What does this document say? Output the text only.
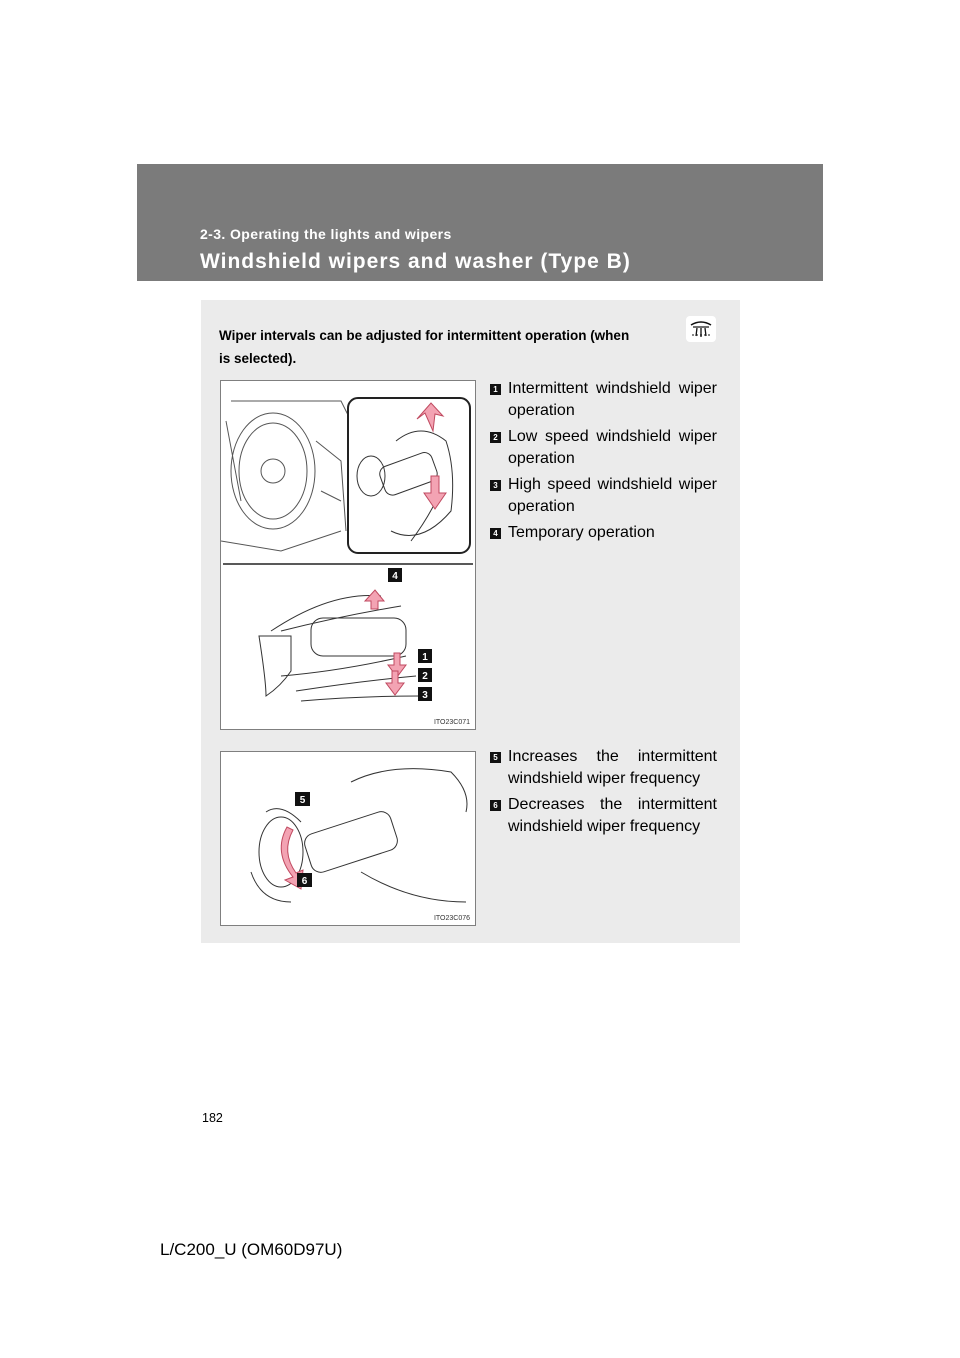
2-3. Operating the lights and wipers
Windshield wipers and washer (Type B)
Wiper intervals can be adjusted for intermittent operation (when
is selected).
4
1
2
3
ITO23C071
1 Intermittent windshield wiper operation
2 Low speed windshield wiper operation
3 High speed windshield wiper operation
4 Temporary operation
5
6
ITO23C076
5 Increases the intermittent windshield wiper frequency
6 Decreases the intermittent windshield wiper frequency
182
L/C200_U (OM60D97U)
